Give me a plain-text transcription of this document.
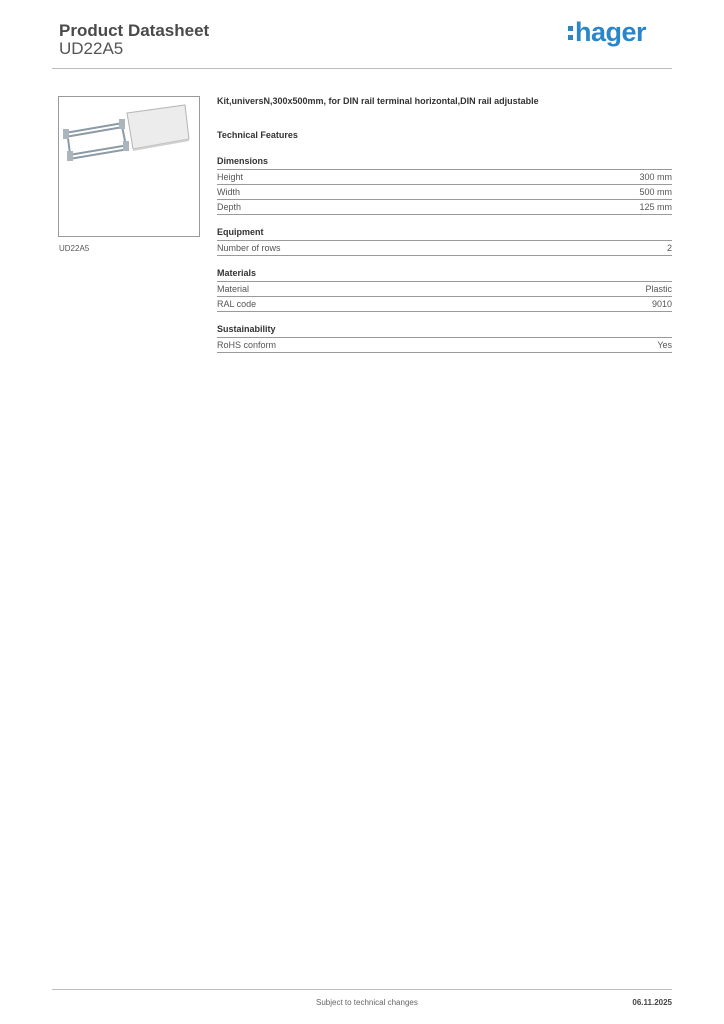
Product Datasheet
UD22A5
hager
UD22A5
Kit,universN,300x500mm, for DIN rail terminal horizontal,DIN rail adjustable
Technical Features
Dimensions
Height	300 mm
Width	500 mm
Depth	125 mm
Equipment
Number of rows	2
Materials
Material	Plastic
RAL code	9010
Sustainability
RoHS conform	Yes
Subject to technical changes	06.11.2025
